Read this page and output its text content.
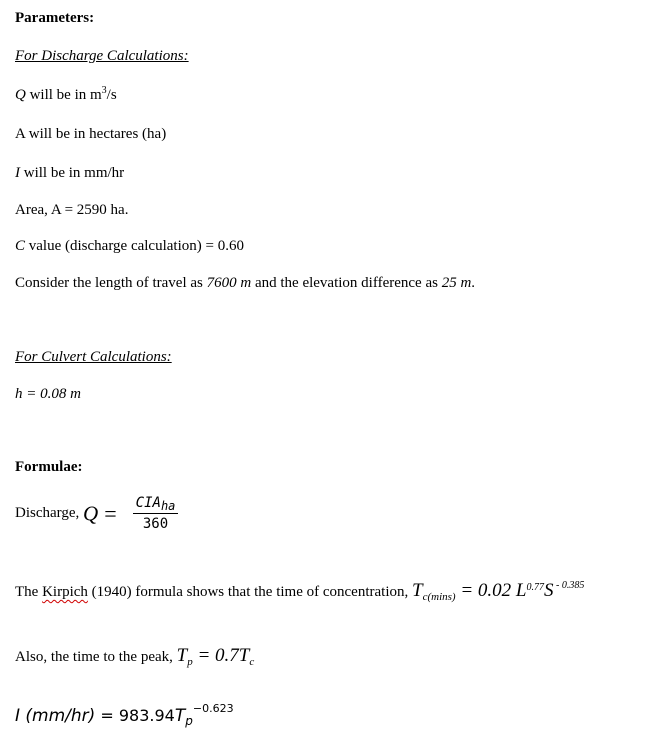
Parameters:
For Discharge Calculations:
Q will be in $m^3/s$
A will be in hectares (ha)
I will be in mm/hr
Area, A = 2590 ha.
C value (discharge calculation) = 0.60
Consider the length of travel as 7600 m and the elevation difference as 25 m.
For Culvert Calculations:
h = 0.08 m
Formulae:
Discharge, $Q = \frac{CIA_{ha}}{360}$
The Kirpich (1940) formula shows that the time of concentration, $T_{c(mins)} = 0.02$ $L^{0.77}S$ $^{- 0.385}$
Also, the time to the peak, $T_p = 0.7T_c$
I $(mm/hr) = 983.94T_p^{-0.623}$
